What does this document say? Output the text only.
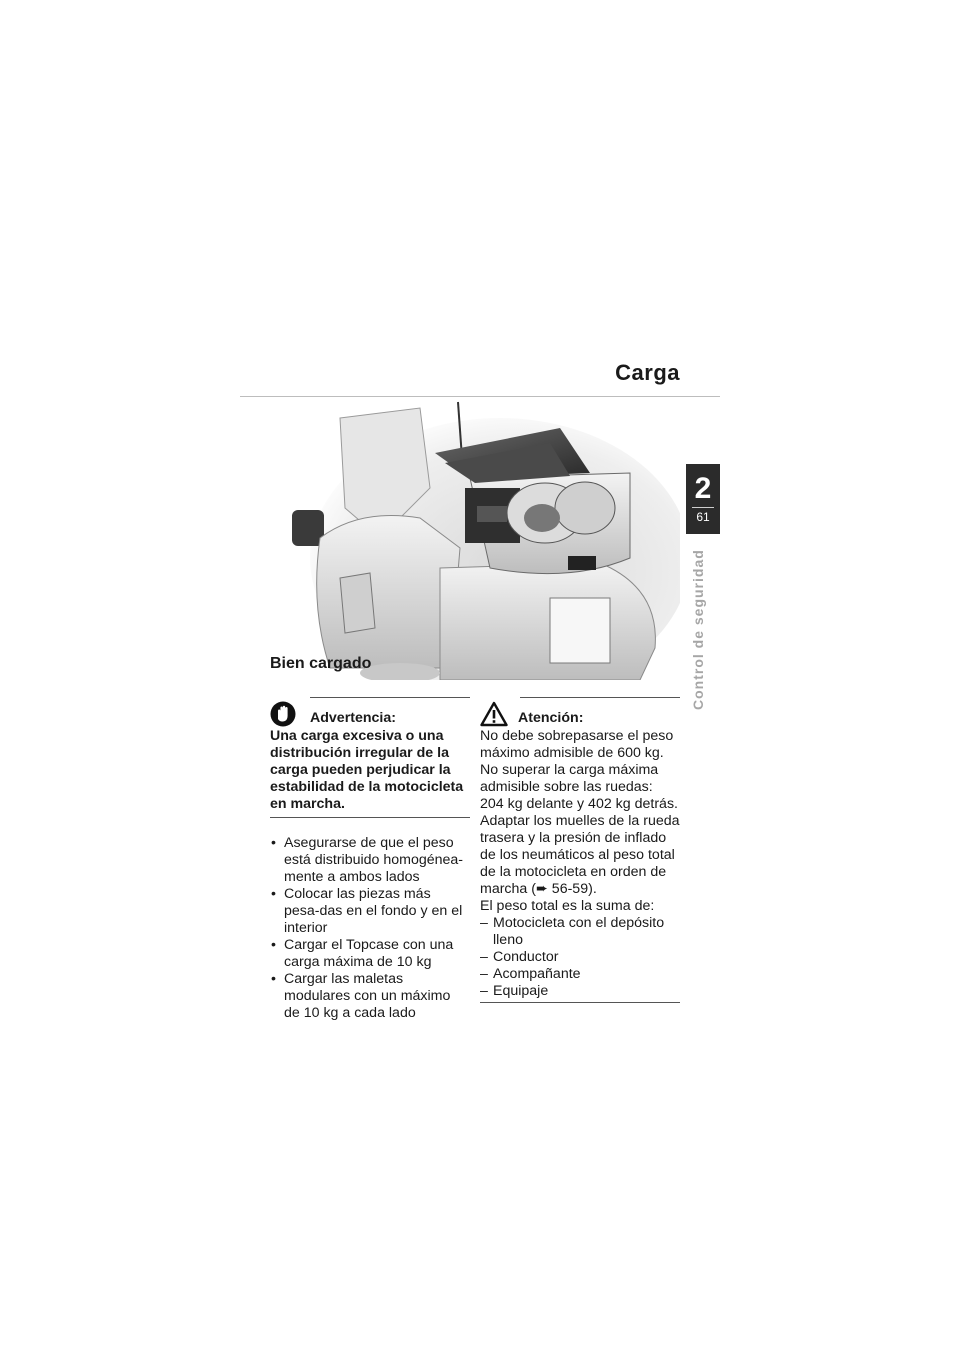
Carga
2
61
Control de seguridad
Bien cargado
Advertencia:

Una carga excesiva o una distribución irregular de la carga pueden perjudicar la estabilidad de la motocicleta en marcha.

• Asegurarse de que el peso está distribuido homogénea-mente a ambos lados
• Colocar las piezas más pesa-das en el fondo y en el interior
• Cargar el Topcase con una carga máxima de 10 kg
• Cargar las maletas modulares con un máximo de 10 kg a cada lado
Atención:

No debe sobrepasarse el peso máximo admisible de 600 kg.

No superar la carga máxima admisible sobre las ruedas: 204 kg delante y 402 kg detrás.

Adaptar los muelles de la rueda trasera y la presión de inflado de los neumáticos al peso total de la motocicleta en orden de marcha (➨ 56-59).

El peso total es la suma de:

– Motocicleta con el depósito lleno
– Conductor
– Acompañante
– Equipaje
